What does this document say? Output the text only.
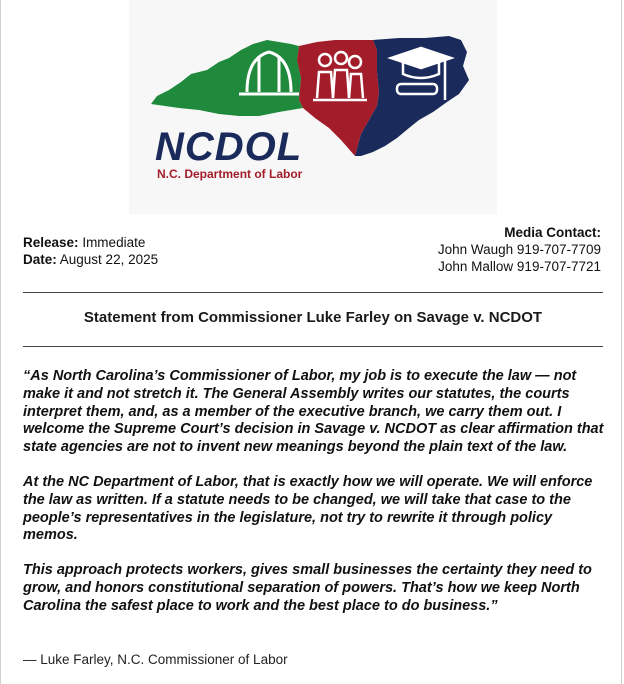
NCDOL
N.C. Department of Labor
Release: Immediate
Date: August 22, 2025
Media Contact:
John Waugh 919-707-7709
John Mallow 919-707-7721
Statement from Commissioner Luke Farley on Savage v. NCDOT

“As North Carolina’s Commissioner of Labor, my job is to execute the law — not make it and not stretch it. The General Assembly writes our statutes, the courts interpret them, and, as a member of the executive branch, we carry them out. I welcome the Supreme Court’s decision in Savage v. NCDOT as clear affirmation that state agencies are not to invent new meanings beyond the plain text of the law.

At the NC Department of Labor, that is exactly how we will operate. We will enforce the law as written. If a statute needs to be changed, we will take that case to the people’s representatives in the legislature, not try to rewrite it through policy memos.

This approach protects workers, gives small businesses the certainty they need to grow, and honors constitutional separation of powers. That’s how we keep North Carolina the safest place to work and the best place to do business.”

— Luke Farley, N.C. Commissioner of Labor
